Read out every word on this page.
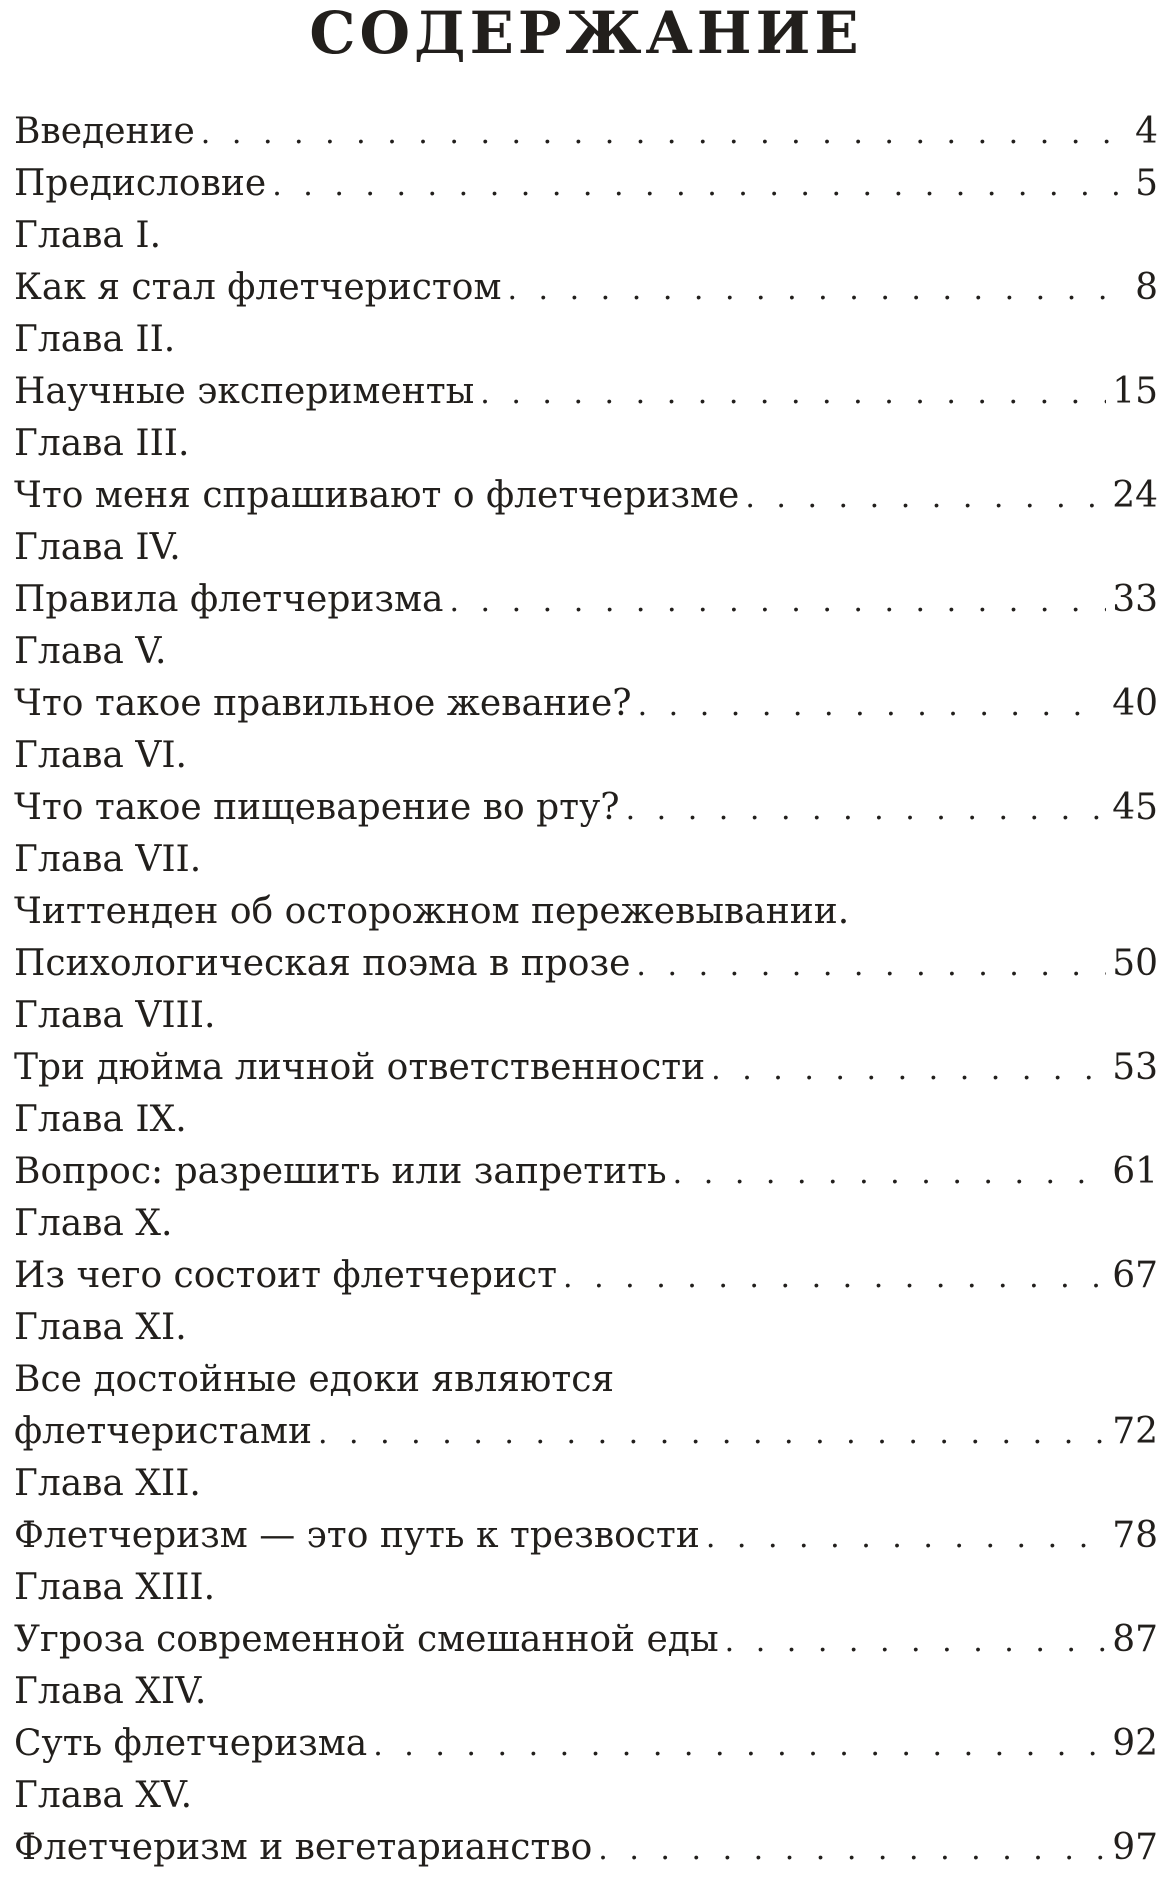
СОДЕРЖАНИЕ
Введение . . .	4
Предисловие . . .	5
Глава I.
Как я стал флетчеристом . . .	8
Глава II.
Научные эксперименты . . .	15
Глава III.
Что меня спрашивают о флетчеризме . . .	24
Глава IV.
Правила флетчеризма . . .	33
Глава V.
Что такое правильное жевание? . . .	40
Глава VI.
Что такое пищеварение во рту? . . .	45
Глава VII.
Читтенден об осторожном пережевывании.
Психологическая поэма в прозе . . .	50
Глава VIII.
Три дюйма личной ответственности . . .	53
Глава IX.
Вопрос: разрешить или запретить . . .	61
Глава X.
Из чего состоит флетчерист . . .	67
Глава XI.
Все достойные едоки являются
флетчеристами . . .	72
Глава XII.
Флетчеризм — это путь к трезвости . . .	78
Глава XIII.
Угроза современной смешанной еды . . .	87
Глава XIV.
Суть флетчеризма . . .	92
Глава XV.
Флетчеризм и вегетарианство . . .	97
